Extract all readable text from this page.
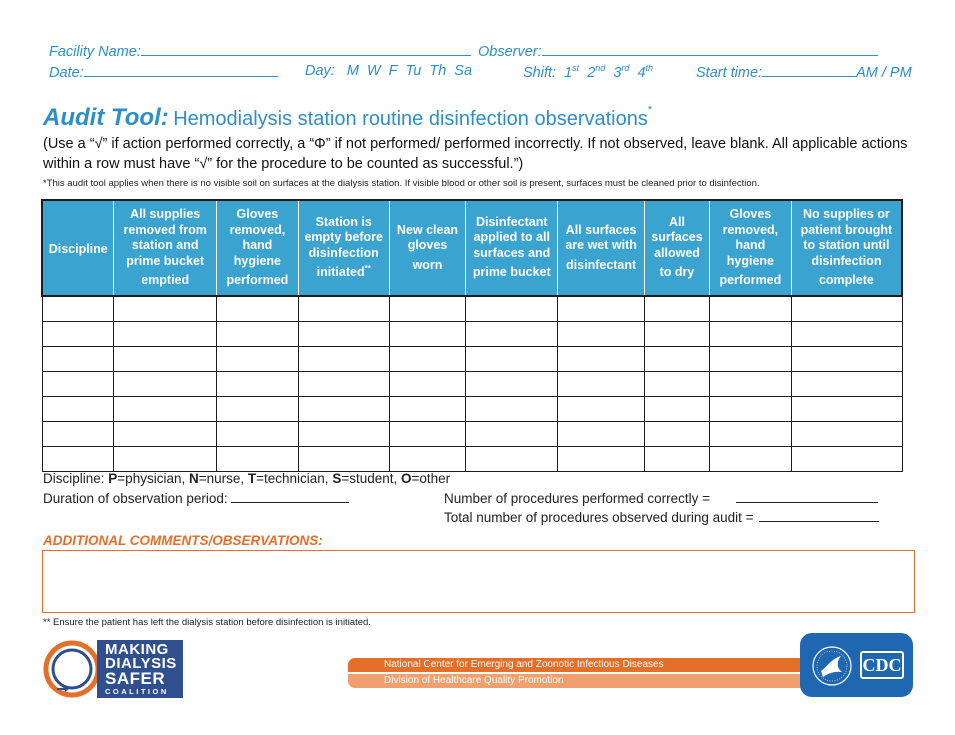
Facility Name:	Observer:
Date:	Day: M W F Tu Th Sa	Shift: 1st 2nd 3rd 4th	Start time:	AM / PM
Audit Tool: Hemodialysis station routine disinfection observations*
(Use a “√” if action performed correctly, a “Φ” if not performed/ performed incorrectly. If not observed, leave blank. All applicable actions within a row must have “√” for the procedure to be counted as successful.”)
*This audit tool applies when there is no visible soil on surfaces at the dialysis station. If visible blood or other soil is present, surfaces must be cleaned prior to disinfection.
Discipline	All supplies removed from station and prime bucket emptied	Gloves removed, hand hygiene performed	Station is empty before disinfection initiated**	New clean gloves worn	Disinfectant applied to all surfaces and prime bucket	All surfaces are wet with disinfectant	All surfaces allowed to dry	Gloves removed, hand hygiene performed	No supplies or patient brought to station until disinfection complete

Discipline: P=physician, N=nurse, T=technician, S=student, O=other
Duration of observation period:	Number of procedures performed correctly =
Total number of procedures observed during audit =
ADDITIONAL COMMENTS/OBSERVATIONS:
** Ensure the patient has left the dialysis station before disinfection is initiated.
MAKING
DIALYSIS
SAFER
COALITION
National Center for Emerging and Zoonotic Infectious Diseases
Division of Healthcare Quality Promotion
CDC
